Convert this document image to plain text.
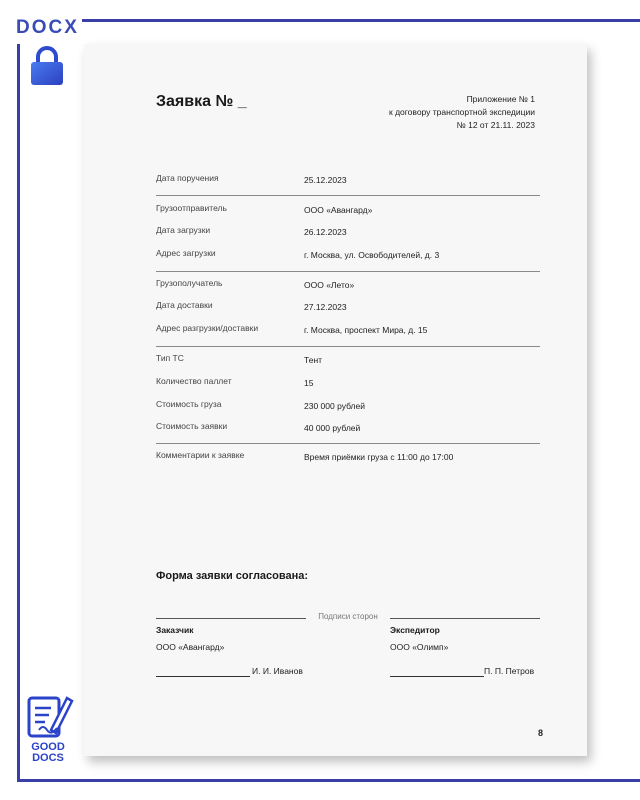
DOCX
Заявка № _	Приложение № 1
к договору транспортной экспедиции
№ 12 от 21.11. 2023
Дата поручения	25.12.2023
Грузоотправитель	ООО «Авангард»
Дата загрузки	26.12.2023
Адрес загрузки	г. Москва, ул. Освободителей, д. 3
Грузополучатель	ООО «Лето»
Дата доставки	27.12.2023
Адрес разгрузки/доставки	г. Москва, проспект Мира, д. 15
Тип ТС	Тент
Количество паллет	15
Стоимость груза	230 000 рублей
Стоимость заявки	40 000 рублей
Комментарии к заявке	Время приёмки груза с 11:00 до 17:00
Форма заявки согласована:
Подписи сторон
Заказчик
ООО «Авангард»
И. И. Иванов
Экспедитор
ООО «Олимп»
П. П. Петров
8
GOOD
DOCS
